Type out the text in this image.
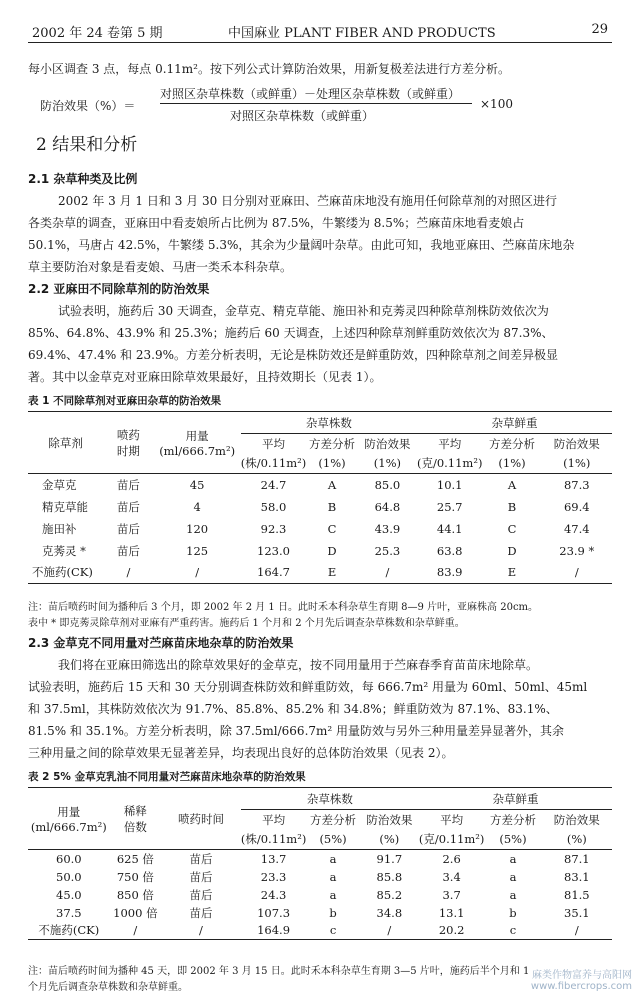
2002 年 24 卷第 5 期	中国麻业 PLANT FIBER AND PRODUCTS	29
每小区调查 3 点，每点 0.11m²。按下列公式计算防治效果，用新复极差法进行方差分析。
防治效果（%）＝
对照区杂草株数（或鲜重）－处理区杂草株数（或鲜重）
对照区杂草株数（或鲜重）
×100
2 结果和分析
2.1 杂草种类及比例
2002 年 3 月 1 日和 3 月 30 日分别对亚麻田、苎麻苗床地没有施用任何除草剂的对照区进行
各类杂草的调查，亚麻田中看麦娘所占比例为 87.5%，牛繁缕为 8.5%；苎麻苗床地看麦娘占
50.1%，马唐占 42.5%，牛繁缕 5.3%，其余为少量阔叶杂草。由此可知，我地亚麻田、苎麻苗床地杂
草主要防治对象是看麦娘、马唐一类禾本科杂草。
2.2 亚麻田不同除草剂的防治效果
试验表明，施药后 30 天调查，金草克、精克草能、施田补和克莠灵四种除草剂株防效依次为
85%、64.8%、43.9% 和 25.3%；施药后 60 天调查，上述四种除草剂鲜重防效依次为 87.3%、
69.4%、47.4% 和 23.9%。方差分析表明，无论是株防效还是鲜重防效，四种除草剂之间差异极显
著。其中以金草克对亚麻田除草效果最好，且持效期长（见表 1）。
表 1 不同除草剂对亚麻田杂草的防治效果
除草剂	喷药
时期	用量
(ml/666.7m²)	杂草株数			杂草鲜重		
			平均	方差分析	防治效果	平均	方差分析	防治效果
			(株/0.11m²)	(1%)	(1%)	(克/0.11m²)	(1%)	(1%)
金草克	苗后	45	24.7	A	85.0	10.1	A	87.3
精克草能	苗后	4	58.0	B	64.8	25.7	B	69.4
施田补	苗后	120	92.3	C	43.9	44.1	C	47.4
克莠灵 *	苗后	125	123.0	D	25.3	63.8	D	23.9 *
不施药(CK)	/	/	164.7	E	/	83.9	E	/
注：苗后喷药时间为播种后 3 个月，即 2002 年 2 月 1 日。此时禾本科杂草生育期 8—9 片叶，亚麻株高 20cm。
表中 * 即克莠灵除草剂对亚麻有严重药害。施药后 1 个月和 2 个月先后调查杂草株数和杂草鲜重。
2.3 金草克不同用量对苎麻苗床地杂草的防治效果
我们将在亚麻田筛选出的除草效果好的金草克，按不同用量用于苎麻春季育苗苗床地除草。
试验表明，施药后 15 天和 30 天分别调查株防效和鲜重防效，每 666.7m² 用量为 60ml、50ml、45ml
和 37.5ml，其株防效依次为 91.7%、85.8%、85.2% 和 34.8%；鲜重防效为 87.1%、83.1%、
81.5% 和 35.1%。方差分析表明，除 37.5ml/666.7m² 用量防效与另外三种用量差异显著外，其余
三种用量之间的除草效果无显著差异，均表现出良好的总体防治效果（见表 2）。
表 2 5% 金草克乳油不同用量对苎麻苗床地杂草的防治效果
用量
(ml/666.7m²)	稀释
倍数	喷药时间	杂草株数			杂草鲜重		
			平均	方差分析	防治效果	平均	方差分析	防治效果
			(株/0.11m²)	(5%)	(%)	(克/0.11m²)	(5%)	(%)
60.0	625 倍	苗后	13.7	a	91.7	2.6	a	87.1
50.0	750 倍	苗后	23.3	a	85.8	3.4	a	83.1
45.0	850 倍	苗后	24.3	a	85.2	3.7	a	81.5
37.5	1000 倍	苗后	107.3	b	34.8	13.1	b	35.1
不施药(CK)	/	/	164.9	c	/	20.2	c	/
注：苗后喷药时间为播种 45 天，即 2002 年 3 月 15 日。此时禾本科杂草生育期 3—5 片叶，施药后半个月和 1
个月先后调查杂草株数和杂草鲜重。
麻类作物富养与高阳网
www.fibercrops.com
